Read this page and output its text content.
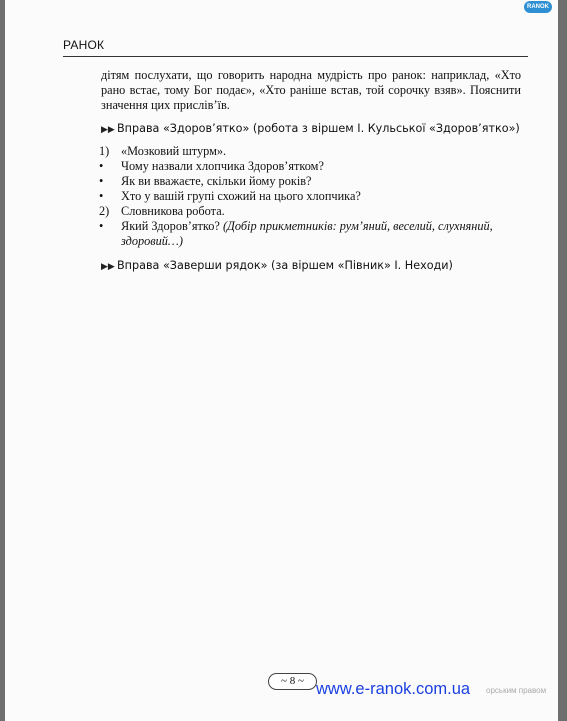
RANOK
РАНОК

дітям послухати, що говорить народна мудрість про ранок: наприклад, «Хто рано встає, тому Бог подає», «Хто раніше встав, той сорочку взяв». Пояснити значення цих прислів’їв.

▶▶ Вправа «Здоров’ятко» (робота з віршем І. Кульської «Здоров’ятко»)
1) «Мозковий штурм».
•	Чому назвали хлопчика Здоров’ятком?
•	Як ви вважаєте, скільки йому років?
•	Хто у вашій групі схожий на цього хлопчика?
2) Словникова робота.
•	Який Здоров’ятко? (Добір прикметників: рум’яний, веселий, слухняний, здоровий…)
▶▶ Вправа «Заверши рядок» (за віршем «Півник» І. Неходи)
~ 8 ~ www.e-ranok.com.ua орським правом
